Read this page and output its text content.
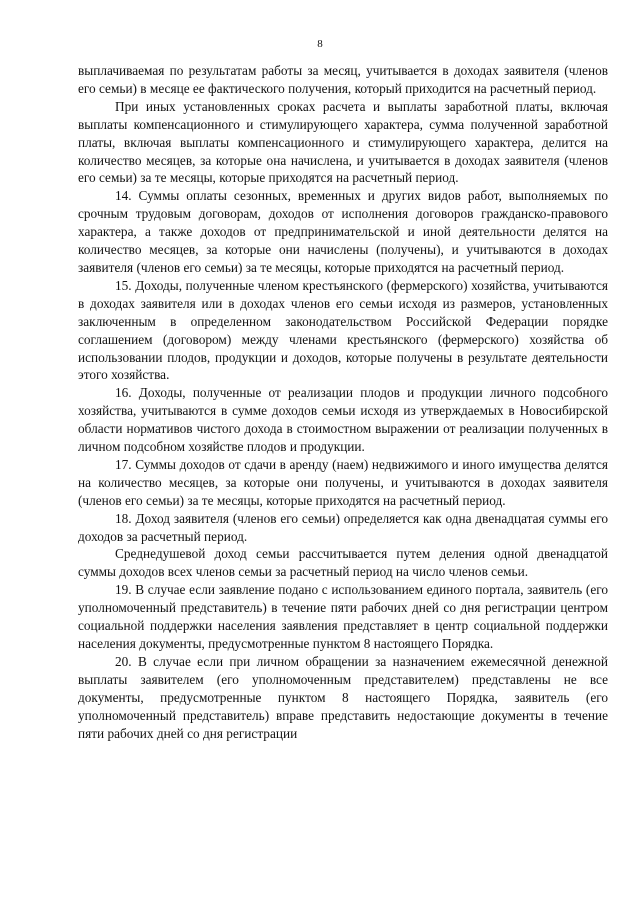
8

выплачиваемая по результатам работы за месяц, учитывается в доходах заявителя (членов его семьи) в месяце ее фактического получения, который приходится на расчетный период.

При иных установленных сроках расчета и выплаты заработной платы, включая выплаты компенсационного и стимулирующего характера, сумма полученной заработной платы, включая выплаты компенсационного и стимулирующего характера, делится на количество месяцев, за которые она начислена, и учитывается в доходах заявителя (членов его семьи) за те месяцы, которые приходятся на расчетный период.

14. Суммы оплаты сезонных, временных и других видов работ, выполняемых по срочным трудовым договорам, доходов от исполнения договоров гражданско-правового характера, а также доходов от предпринимательской и иной деятельности делятся на количество месяцев, за которые они начислены (получены), и учитываются в доходах заявителя (членов его семьи) за те месяцы, которые приходятся на расчетный период.

15. Доходы, полученные членом крестьянского (фермерского) хозяйства, учитываются в доходах заявителя или в доходах членов его семьи исходя из размеров, установленных заключенным в определенном законодательством Российской Федерации порядке соглашением (договором) между членами крестьянского (фермерского) хозяйства об использовании плодов, продукции и доходов, которые получены в результате деятельности этого хозяйства.

16. Доходы, полученные от реализации плодов и продукции личного подсобного хозяйства, учитываются в сумме доходов семьи исходя из утверждаемых в Новосибирской области нормативов чистого дохода в стоимостном выражении от реализации полученных в личном подсобном хозяйстве плодов и продукции.

17. Суммы доходов от сдачи в аренду (наем) недвижимого и иного имущества делятся на количество месяцев, за которые они получены, и учитываются в доходах заявителя (членов его семьи) за те месяцы, которые приходятся на расчетный период.

18. Доход заявителя (членов его семьи) определяется как одна двенадцатая суммы его доходов за расчетный период.

Среднедушевой доход семьи рассчитывается путем деления одной двенадцатой суммы доходов всех членов семьи за расчетный период на число членов семьи.

19. В случае если заявление подано с использованием единого портала, заявитель (его уполномоченный представитель) в течение пяти рабочих дней со дня регистрации центром социальной поддержки населения заявления представляет в центр социальной поддержки населения документы, предусмотренные пунктом 8 настоящего Порядка.

20. В случае если при личном обращении за назначением ежемесячной денежной выплаты заявителем (его уполномоченным представителем) представлены не все документы, предусмотренные пунктом 8 настоящего Порядка, заявитель (его уполномоченный представитель) вправе представить недостающие документы в течение пяти рабочих дней со дня регистрации
